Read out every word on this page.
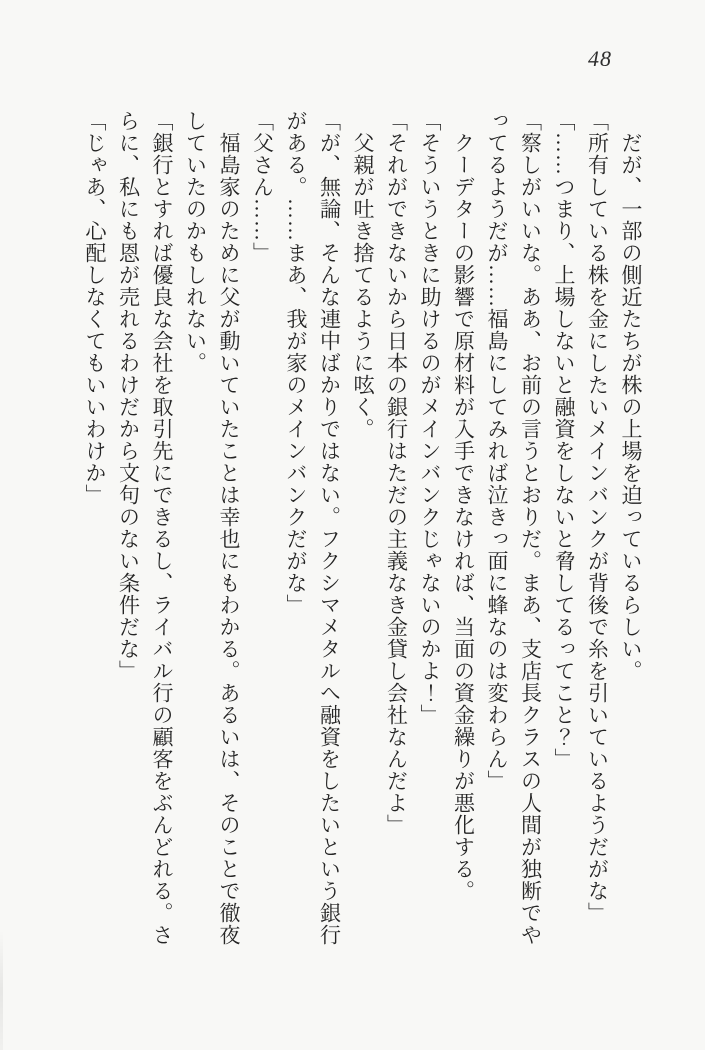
48
　だが、一部の側近たちが株の上場を迫っているらしい。
「所有している株を金にしたいメインバンクが背後で糸を引いているようだがな」
「……つまり、上場しないと融資をしないと脅してるってこと？」
「察しがいいな。ああ、お前の言うとおりだ。まあ、支店長クラスの人間が独断でや
ってるようだが……福島にしてみれば泣きっ面に蜂なのは変わらん」
　クーデターの影響で原材料が入手できなければ、当面の資金繰りが悪化する。
「そういうときに助けるのがメインバンクじゃないのかよ！」
「それができないから日本の銀行はただの主義なき金貸し会社なんだよ」
　父親が吐き捨てるように呟く。
「が、無論、そんな連中ばかりではない。フクシマメタルへ融資をしたいという銀行
がある。……まあ、我が家のメインバンクだがな」
「父さん……」
　福島家のために父が動いていたことは幸也にもわかる。あるいは、そのことで徹夜
していたのかもしれない。
「銀行とすれば優良な会社を取引先にできるし、ライバル行の顧客をぶんどれる。さ
らに、私にも恩が売れるわけだから文句のない条件だな」
「じゃあ、心配しなくてもいいわけか」
